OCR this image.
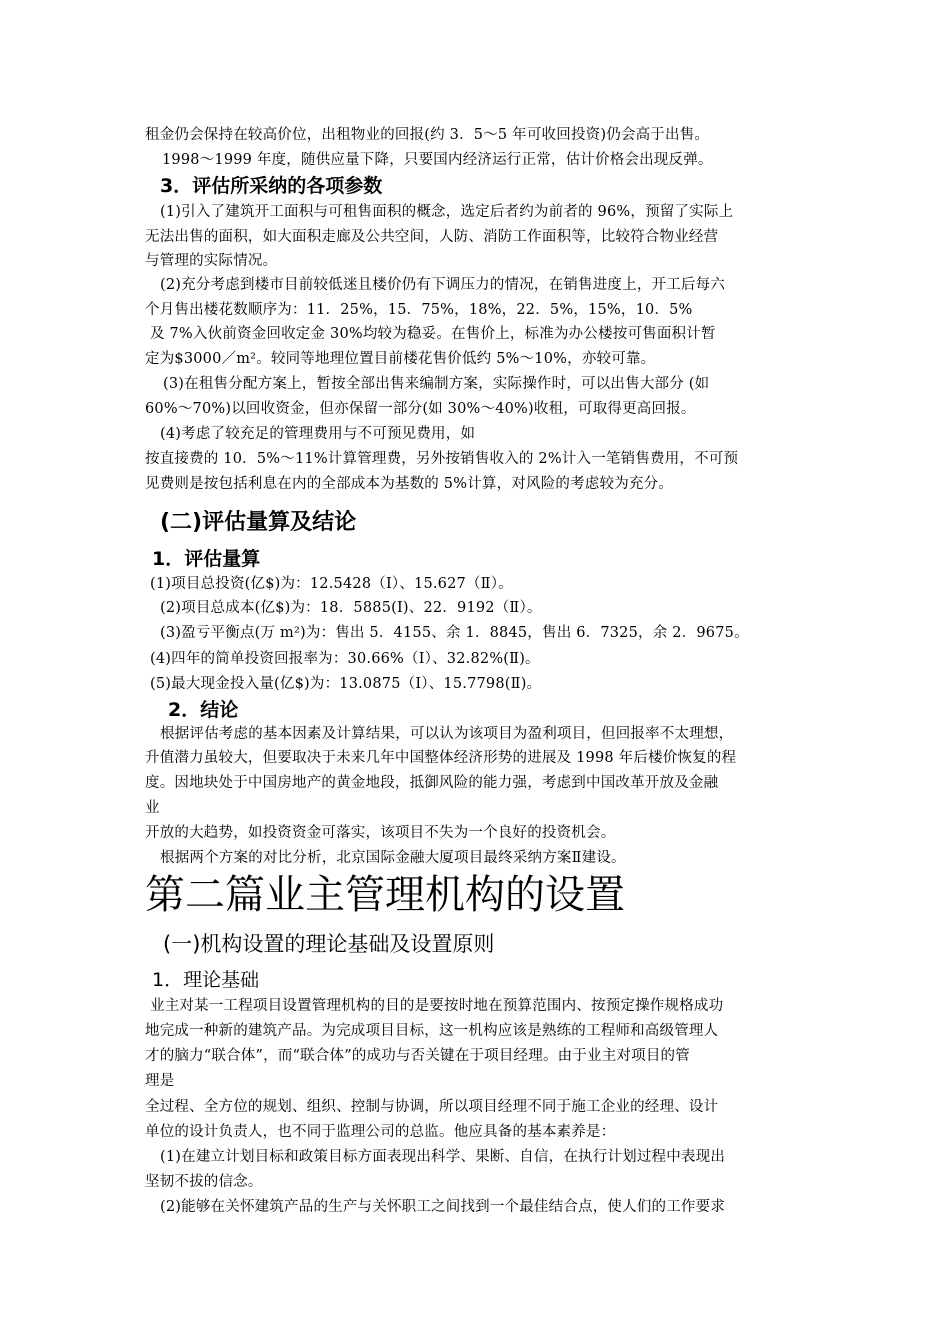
租金仍会保持在较高价位，出租物业的回报(约 3．5～5 年可收回投资)仍会高于出售。
1998～1999 年度，随供应量下降，只要国内经济运行正常，估计价格会出现反弹。
3．评估所采纳的各项参数
(1)引入了建筑开工面积与可租售面积的概念，选定后者约为前者的 96%，预留了实际上
无法出售的面积，如大面积走廊及公共空间，人防、消防工作面积等，比较符合物业经营
与管理的实际情况。
(2)充分考虑到楼市目前较低迷且楼价仍有下调压力的情况，在销售进度上，开工后每六
个月售出楼花数顺序为：11．25%，15．75%，18%，22．5%，15%，10．5%
及 7%入伙前资金回收定金 30%均较为稳妥。在售价上，标准为办公楼按可售面积计暂
定为$3000／m²。较同等地理位置目前楼花售价低约 5%～10%，亦较可靠。
(3)在租售分配方案上，暂按全部出售来编制方案，实际操作时，可以出售大部分 (如
60%～70%)以回收资金，但亦保留一部分(如 30%～40%)收租，可取得更高回报。
(4)考虑了较充足的管理费用与不可预见费用，如
按直接费的 10．5%～11%计算管理费，另外按销售收入的 2%计入一笔销售费用，不可预
见费则是按包括利息在内的全部成本为基数的 5%计算，对风险的考虑较为充分。
(二)评估量算及结论
1．评估量算
(1)项目总投资(亿$)为：12.5428（Ⅰ）、15.627（Ⅱ）。
(2)项目总成本(亿$)为：18．5885(Ⅰ)、22．9192（Ⅱ）。
(3)盈亏平衡点(万 m²)为：售出 5．4155、余 1．8845，售出 6．7325，余 2．9675。
(4)四年的简单投资回报率为：30.66%（Ⅰ）、32.82%(Ⅱ)。
(5)最大现金投入量(亿$)为：13.0875（Ⅰ）、15.7798(Ⅱ)。
2．结论
根据评估考虑的基本因素及计算结果，可以认为该项目为盈利项目，但回报率不太理想，
升值潜力虽较大，但要取决于未来几年中国整体经济形势的进展及 1998 年后楼价恢复的程
度。因地块处于中国房地产的黄金地段，抵御风险的能力强，考虑到中国改革开放及金融
业
开放的大趋势，如投资资金可落实，该项目不失为一个良好的投资机会。
根据两个方案的对比分析，北京国际金融大厦项目最终采纳方案Ⅱ建设。
第二篇业主管理机构的设置
(一)机构设置的理论基础及设置原则
1．理论基础
业主对某一工程项目设置管理机构的目的是要按时地在预算范围内、按预定操作规格成功
地完成一种新的建筑产品。为完成项目目标，这一机构应该是熟练的工程师和高级管理人
才的脑力“联合体”，而“联合体”的成功与否关键在于项目经理。由于业主对项目的管
理是
全过程、全方位的规划、组织、控制与协调，所以项目经理不同于施工企业的经理、设计
单位的设计负责人，也不同于监理公司的总监。他应具备的基本素养是：
(1)在建立计划目标和政策目标方面表现出科学、果断、自信，在执行计划过程中表现出
坚韧不拔的信念。
(2)能够在关怀建筑产品的生产与关怀职工之间找到一个最佳结合点，使人们的工作要求
